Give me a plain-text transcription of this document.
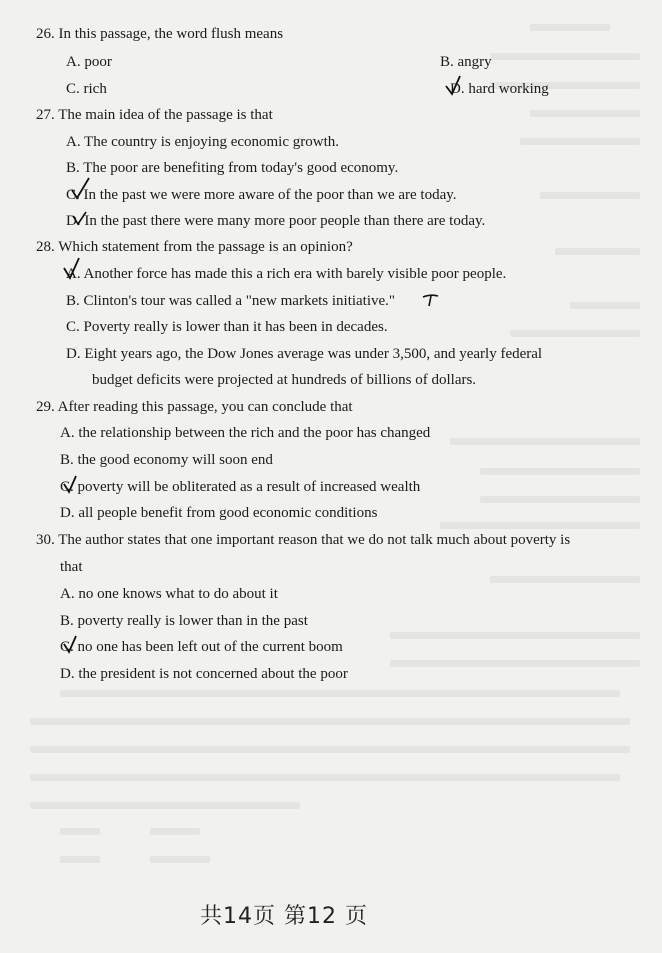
26. In this passage, the word flush means
A. poor	B. angry
C. rich	D. hard working
27. The main idea of the passage is that
A. The country is enjoying economic growth.
B. The poor are benefiting from today's good economy.
C. In the past we were more aware of the poor than we are today.
D. In the past there were many more poor people than there are today.
28. Which statement from the passage is an opinion?
A. Another force has made this a rich era with barely visible poor people.
B. Clinton's tour was called a "new markets initiative."
C. Poverty really is lower than it has been in decades.
D. Eight years ago, the Dow Jones average was under 3,500, and yearly federal
budget deficits were projected at hundreds of billions of dollars.
29. After reading this passage, you can conclude that
A. the relationship between the rich and the poor has changed
B. the good economy will soon end
C. poverty will be obliterated as a result of increased wealth
D. all people benefit from good economic conditions
30. The author states that one important reason that we do not talk much about poverty is
that
A. no one knows what to do about it
B. poverty really is lower than in the past
C. no one has been left out of the current boom
D. the president is not concerned about the poor
共14页 第12 页
